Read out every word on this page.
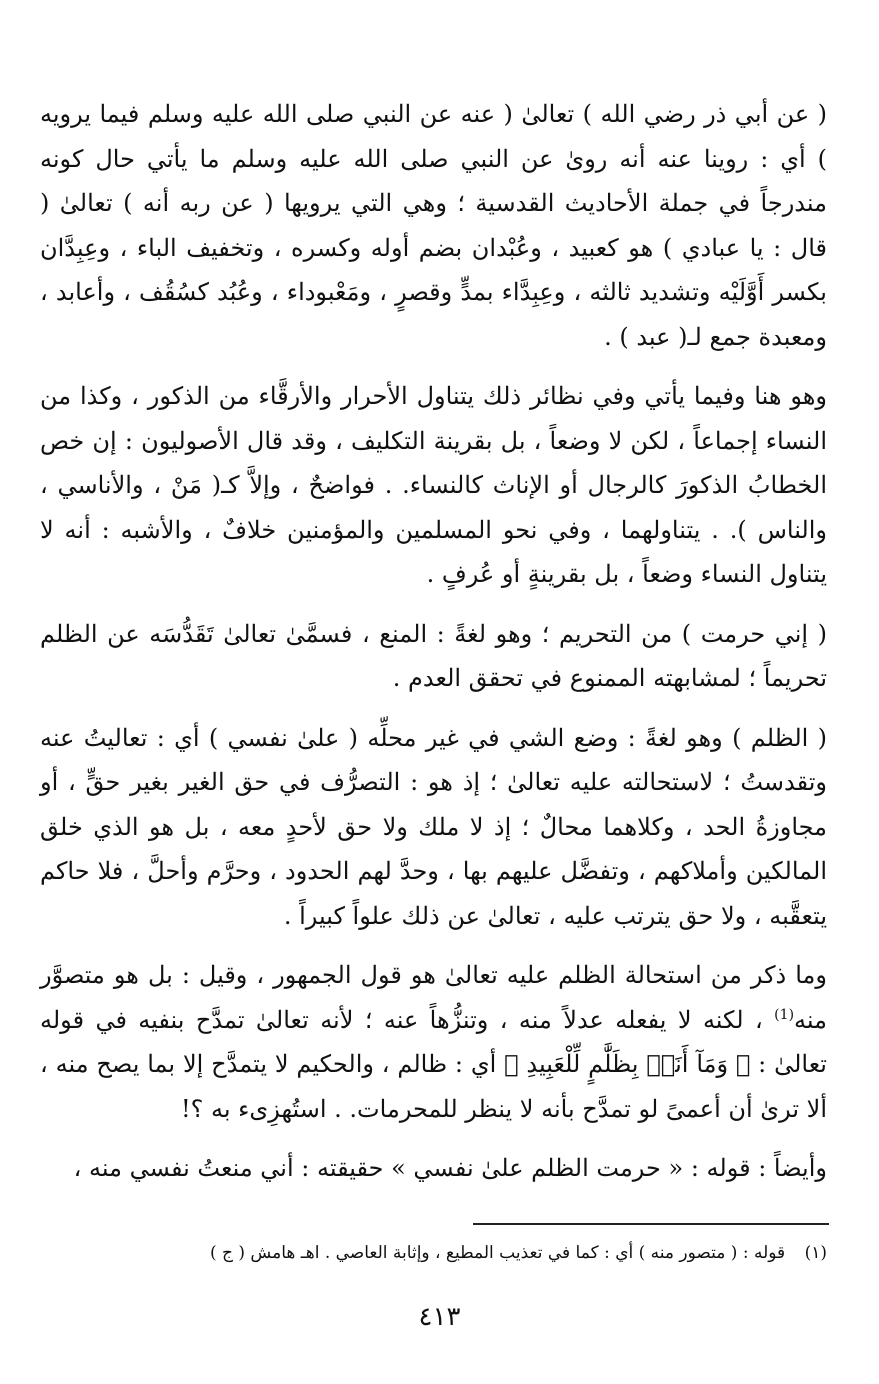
( عن أبي ذر رضي الله ) تعالىٰ ( عنه عن النبي صلى الله عليه وسلم فيما يرويه ) أي : روينا عنه أنه روىٰ عن النبي صلى الله عليه وسلم ما يأتي حال كونه مندرجاً في جملة الأحاديث القدسية ؛ وهي التي يرويها ( عن ربه أنه ) تعالىٰ ( قال : يا عبادي ) هو كعبيد ، وعُبْدان بضم أوله وكسره ، وتخفيف الباء ، وعِبِدَّان بكسر أَوَّلَيْه وتشديد ثالثه ، وعِبِدَّاء بمدٍّ وقصرٍ ، ومَعْبوداء ، وعُبُد كسُقُف ، وأعابد ، ومعبدة جمع لـ( عبد ) .

وهو هنا وفيما يأتي وفي نظائر ذلك يتناول الأحرار والأرقَّاء من الذكور ، وكذا من النساء إجماعاً ، لكن لا وضعاً ، بل بقرينة التكليف ، وقد قال الأصوليون : إن خص الخطابُ الذكورَ كالرجال أو الإناث كالنساء. . فواضحٌ ، وإلاَّ كـ( مَنْ ، والأناسي ، والناس ). . يتناولهما ، وفي نحو المسلمين والمؤمنين خلافٌ ، والأشبه : أنه لا يتناول النساء وضعاً ، بل بقرينةٍ أو عُرفٍ .

( إني حرمت ) من التحريم ؛ وهو لغةً : المنع ، فسمَّىٰ تعالىٰ تَقَدُّسَه عن الظلم تحريماً ؛ لمشابهته الممنوع في تحقق العدم .

( الظلم ) وهو لغةً : وضع الشي في غير محلِّه ( علىٰ نفسي ) أي : تعاليتُ عنه وتقدستُ ؛ لاستحالته عليه تعالىٰ ؛ إذ هو : التصرُّف في حق الغير بغير حقٍّ ، أو مجاوزةُ الحد ، وكلاهما محالٌ ؛ إذ لا ملك ولا حق لأحدٍ معه ، بل هو الذي خلق المالكين وأملاكهم ، وتفضَّل عليهم بها ، وحدَّ لهم الحدود ، وحرَّم وأحلَّ ، فلا حاكم يتعقَّبه ، ولا حق يترتب عليه ، تعالىٰ عن ذلك علواً كبيراً .

وما ذكر من استحالة الظلم عليه تعالىٰ هو قول الجمهور ، وقيل : بل هو متصوَّر منه$^{(1)}$ ، لكنه لا يفعله عدلاً منه ، وتنزُّهاً عنه ؛ لأنه تعالىٰ تمدَّح بنفيه في قوله تعالىٰ : ﴿ وَمَآ أَنَا۠ بِظَلَّٰمٍ لِّلْعَبِيدِ ﴾ أي : ظالم ، والحكيم لا يتمدَّح إلا بما يصح منه ، ألا ترىٰ أن أعمىً لو تمدَّح بأنه لا ينظر للمحرمات. . استُهزِىء به ؟!

وأيضاً : قوله : « حرمت الظلم علىٰ نفسي » حقيقته : أني منعتُ نفسي منه ،

(١) قوله : ( متصور منه ) أي : كما في تعذيب المطيع ، وإثابة العاصي . اهـ هامش ( ج )
٤١٣
